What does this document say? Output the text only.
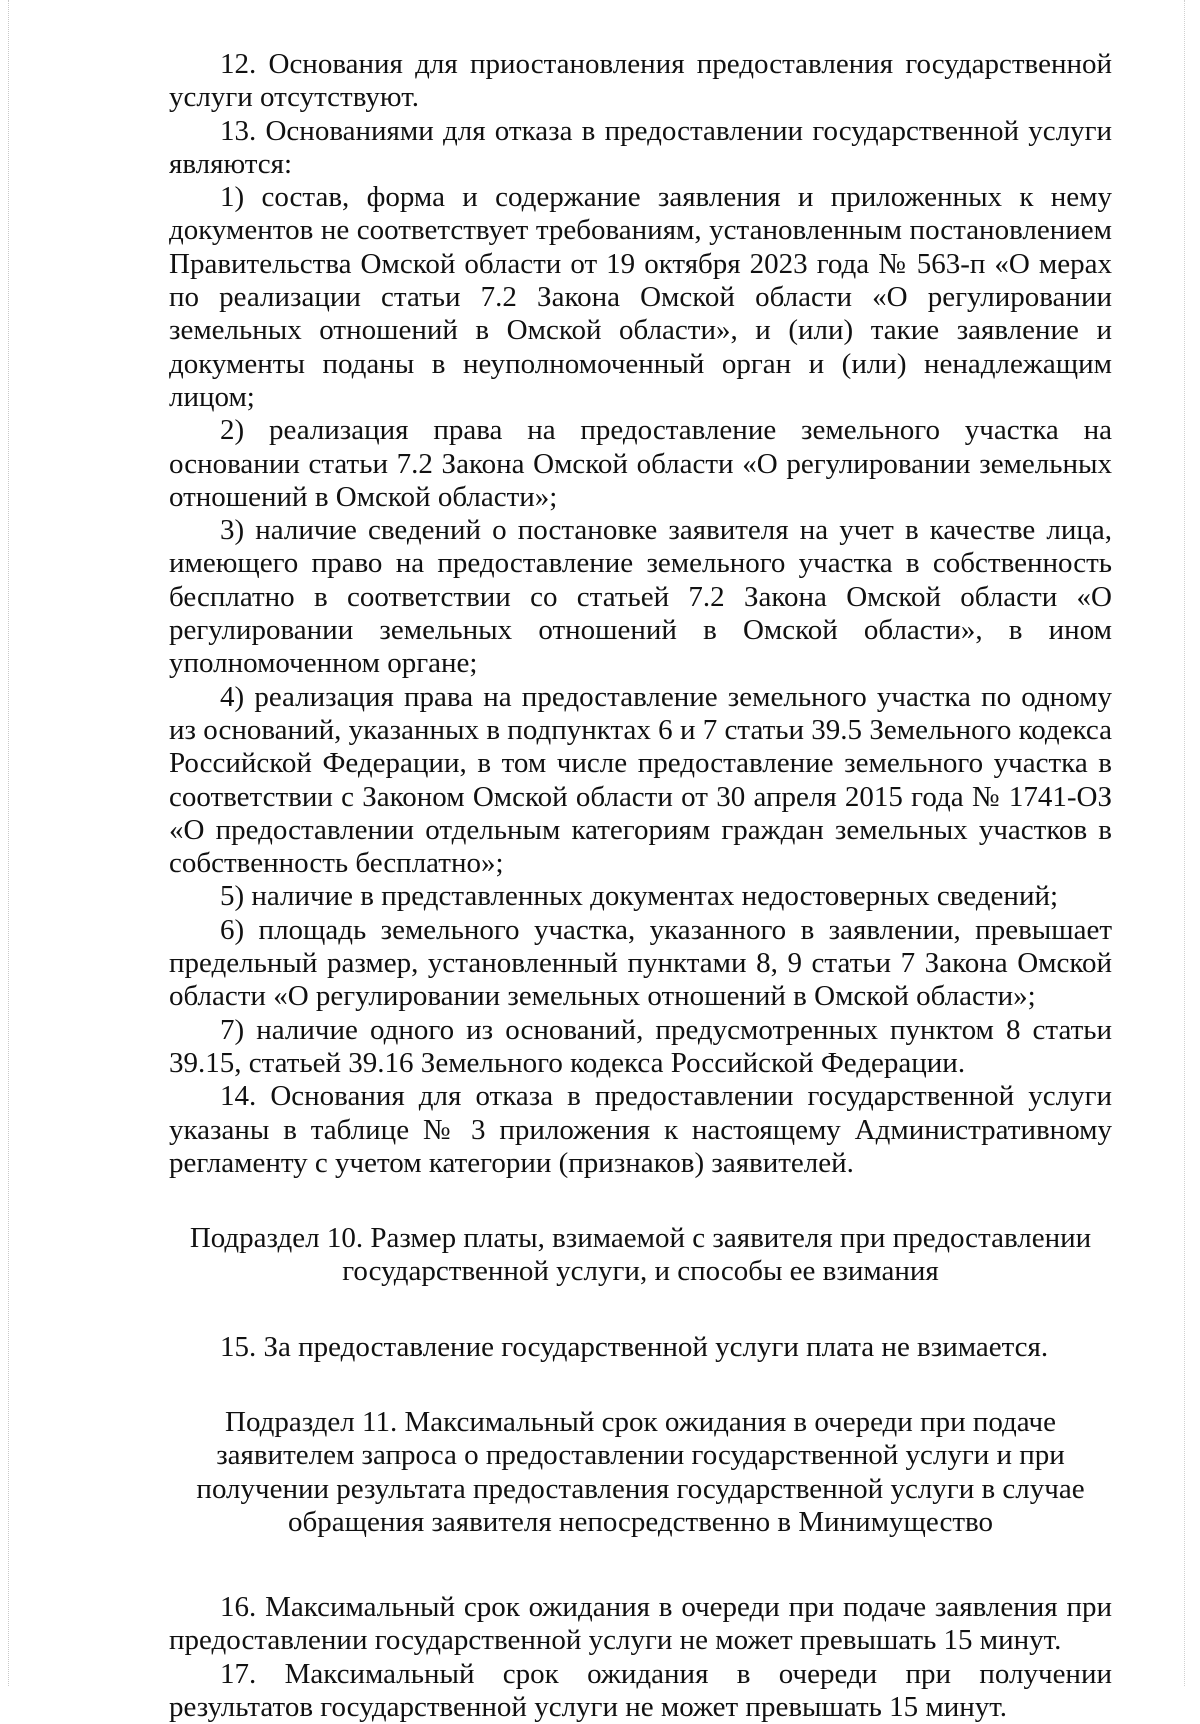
12. Основания для приостановления предоставления государственной услуги отсутствуют.

13. Основаниями для отказа в предоставлении государственной услуги являются:

1) состав, форма и содержание заявления и приложенных к нему документов не соответствует требованиям, установленным постановлением Правительства Омской области от 19 октября 2023 года № 563-п «О мерах по реализации статьи 7.2 Закона Омской области «О регулировании земельных отношений в Омской области», и (или) такие заявление и документы поданы в неуполномоченный орган и (или) ненадлежащим лицом;

2) реализация права на предоставление земельного участка на основании статьи 7.2 Закона Омской области «О регулировании земельных отношений в Омской области»;

3) наличие сведений о постановке заявителя на учет в качестве лица, имеющего право на предоставление земельного участка в собственность бесплатно в соответствии со статьей 7.2 Закона Омской области «О регулировании земельных отношений в Омской области», в ином уполномоченном органе;

4) реализация права на предоставление земельного участка по одному из оснований, указанных в подпунктах 6 и 7 статьи 39.5 Земельного кодекса Российской Федерации, в том числе предоставление земельного участка в соответствии с Законом Омской области от 30 апреля 2015 года № 1741-ОЗ «О предоставлении отдельным категориям граждан земельных участков в собственность бесплатно»;

5) наличие в представленных документах недостоверных сведений;

6) площадь земельного участка, указанного в заявлении, превышает предельный размер, установленный пунктами 8, 9 статьи 7 Закона Омской области «О регулировании земельных отношений в Омской области»;

7) наличие одного из оснований, предусмотренных пунктом 8 статьи 39.15, статьей 39.16 Земельного кодекса Российской Федерации.

14. Основания для отказа в предоставлении государственной услуги указаны в таблице № 3 приложения к настоящему Административному регламенту с учетом категории (признаков) заявителей.

Подраздел 10. Размер платы, взимаемой с заявителя при предоставлении
государственной услуги, и способы ее взимания

15. За предоставление государственной услуги плата не взимается.

Подраздел 11. Максимальный срок ожидания в очереди при подаче
заявителем запроса о предоставлении государственной услуги и при
получении результата предоставления государственной услуги в случае
обращения заявителя непосредственно в Минимущество

16. Максимальный срок ожидания в очереди при подаче заявления при предоставлении государственной услуги не может превышать 15 минут.

17. Максимальный срок ожидания в очереди при получении результатов государственной услуги не может превышать 15 минут.
